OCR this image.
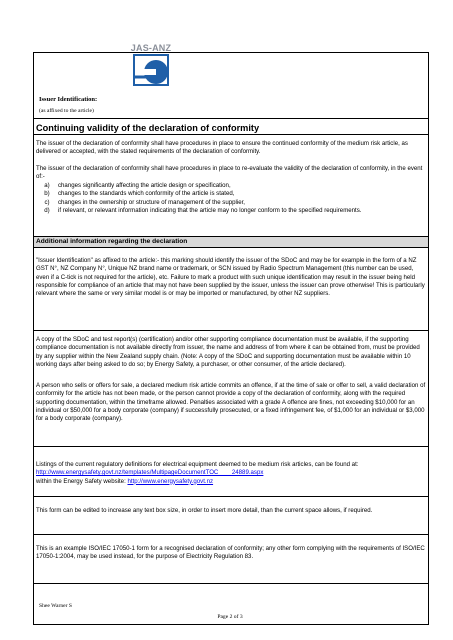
JAS-ANZ
Issuer Identification:
(as affixed to the article)
Continuing validity of the declaration of conformity
The issuer of the declaration of conformity shall have procedures in place to ensure the continued conformity of the medium risk article, as delivered or accepted, with the stated requirements of the declaration of conformity.
The issuer of the declaration of conformity shall have procedures in place to re-evaluate the validity of the declaration of conformity, in the event of:-
a)	changes significantly affecting the article design or specification,
b)	changes to the standards which conformity of the article is stated,
c)	changes in the ownership or structure of management of the supplier,
d)	if relevant, or relevant information indicating that the article may no longer conform to the specified requirements.
Additional information regarding the declaration
"Issuer Identification" as affixed to the article:- this marking should identify the issuer of the SDoC and may be for example in the form of a NZ GST N°, NZ Company N°, Unique NZ brand name or trademark, or SCN issued by Radio Spectrum Management (this number can be used, even if a C-tick is not required for the article), etc. Failure to mark a product with such unique identification may result in the issuer being held responsible for compliance of an article that may not have been supplied by the issuer, unless the issuer can prove otherwise! This is particularly relevant where the same or very similar model is or may be imported or manufactured, by other NZ suppliers.
A copy of the SDoC and test report(s) (certification) and/or other supporting compliance documentation must be available, if the supporting compliance documentation is not available directly from issuer, the name and address of from where it can be obtained from, must be provided by any supplier within the New Zealand supply chain. (Note: A copy of the SDoC and supporting documentation must be available within 10 working days after being asked to do so; by Energy Safety, a purchaser, or other consumer, of the article declared).
A person who sells or offers for sale, a declared medium risk article commits an offence, if at the time of sale or offer to sell, a valid declaration of conformity for the article has not been made, or the person cannot provide a copy of the declaration of conformity, along with the required supporting documentation, within the timeframe allowed. Penalties associated with a grade A offence are fines, not exceeding $10,000 for an individual or $50,000 for a body corporate (company) if successfully prosecuted, or a fixed infringement fee, of $1,000 for an individual or $3,000 for a body corporate (company).
Listings of the current regulatory definitions for electrical equipment deemed to be medium risk articles, can be found at: http://www.energysafety.govt.nz/templates/MultipageDocumentTOC____24889.aspx
within the Energy Safety website: http://www.energysafety.govt.nz
This form can be edited to increase any text box size, in order to insert more detail, than the current space allows, if required.
This is an example ISO/IEC 17050-1 form for a recognised declaration of conformity; any other form complying with the requirements of ISO/IEC 17050-1:2004, may be used instead, for the purpose of Electricity Regulation 83.
Shee Warner S
Page 2 of 3
